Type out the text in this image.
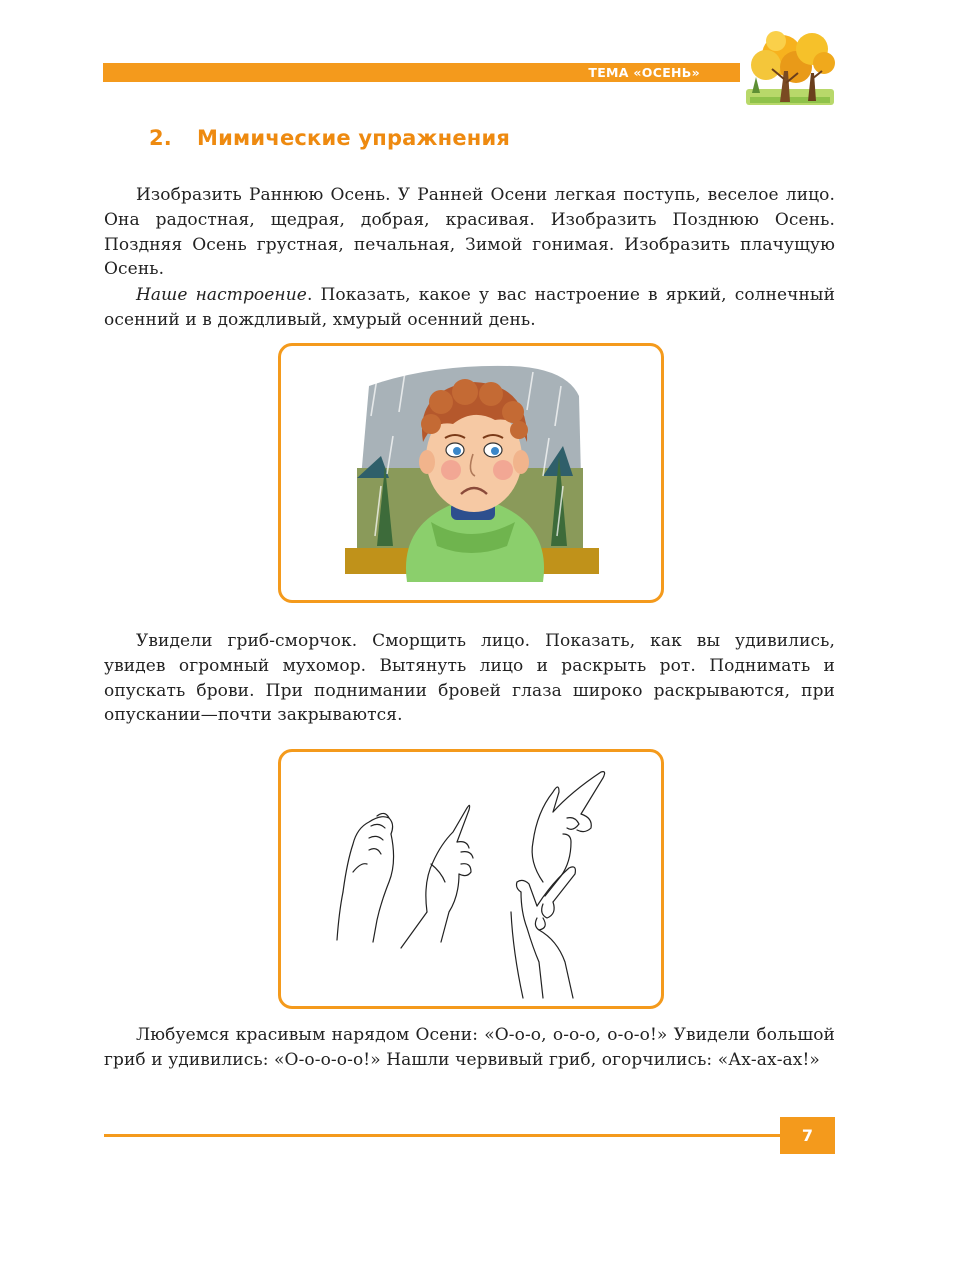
ТЕМА «ОСЕНЬ»
2. Мимические упражнения

Изобразить Раннюю Осень. У Ранней Осени легкая поступь, веселое лицо. Она радостная, щедрая, добрая, красивая. Изобразить Позднюю Осень. Поздняя Осень грустная, печальная, Зимой гонимая. Изобразить плачущую Осень.

Наше настроение. Показать, какое у вас настроение в яркий, солнечный осенний и в дождливый, хмурый осенний день.

Увидели гриб-сморчок. Сморщить лицо. Показать, как вы удивились, увидев огромный мухомор. Вытянуть лицо и раскрыть рот. Поднимать и опускать брови. При поднимании бровей глаза широко раскрываются, при опускании—почти закрываются.

Любуемся красивым нарядом Осени: «О-о-о, о-о-о, о-о-о!» Увидели большой гриб и удивились: «О-о-о-о-о!» Нашли червивый гриб, огорчились: «Ах-ах-ах!»

7
